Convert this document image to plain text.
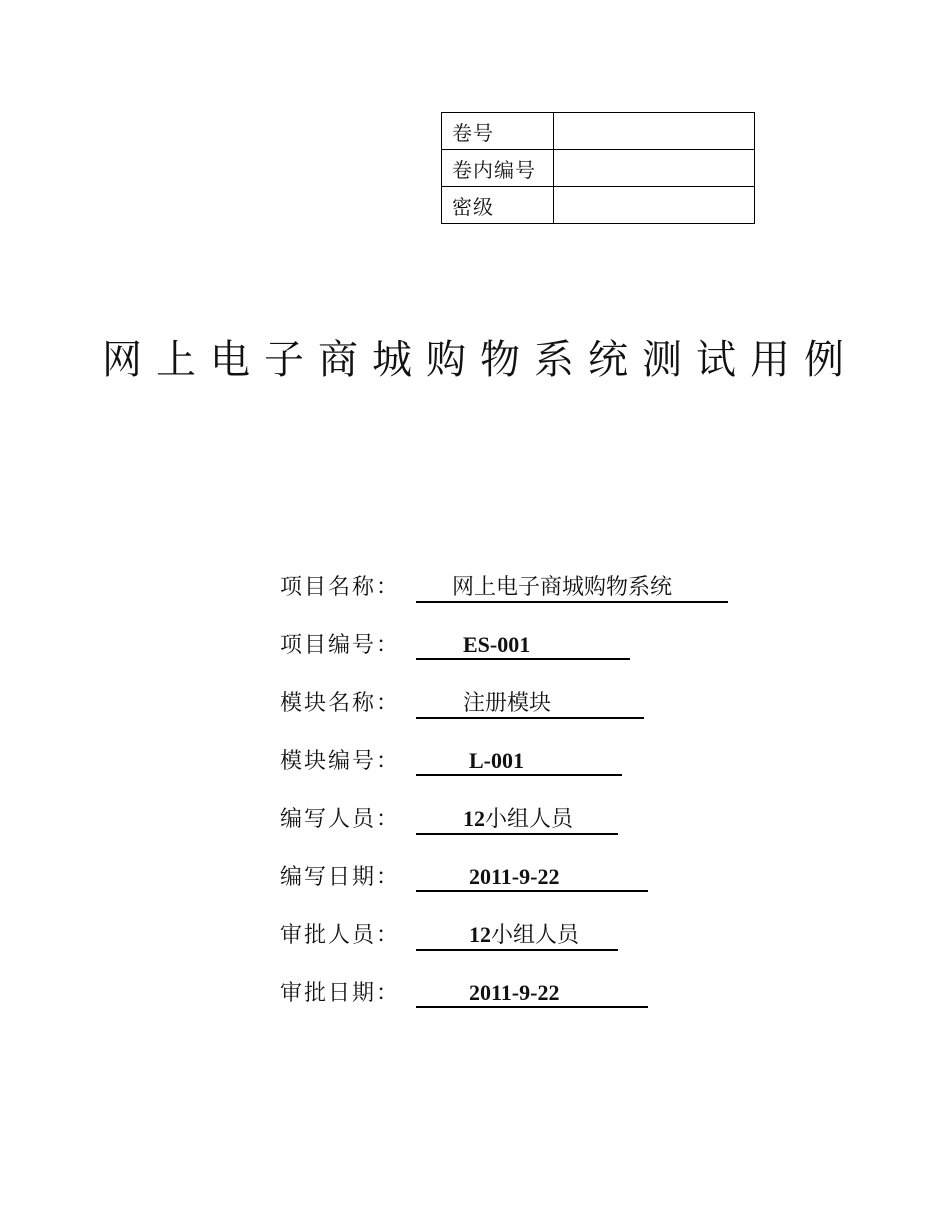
卷号	
卷内编号	
密级	
网上电子商城购物系统测试用例
项目名称：	网上电子商城购物系统
项目编号：	ES-001
模块名称：	注册模块
模块编号：	L-001
编写人员：	12小组人员
编写日期：	2011-9-22
审批人员：	12小组人员
审批日期：	2011-9-22
